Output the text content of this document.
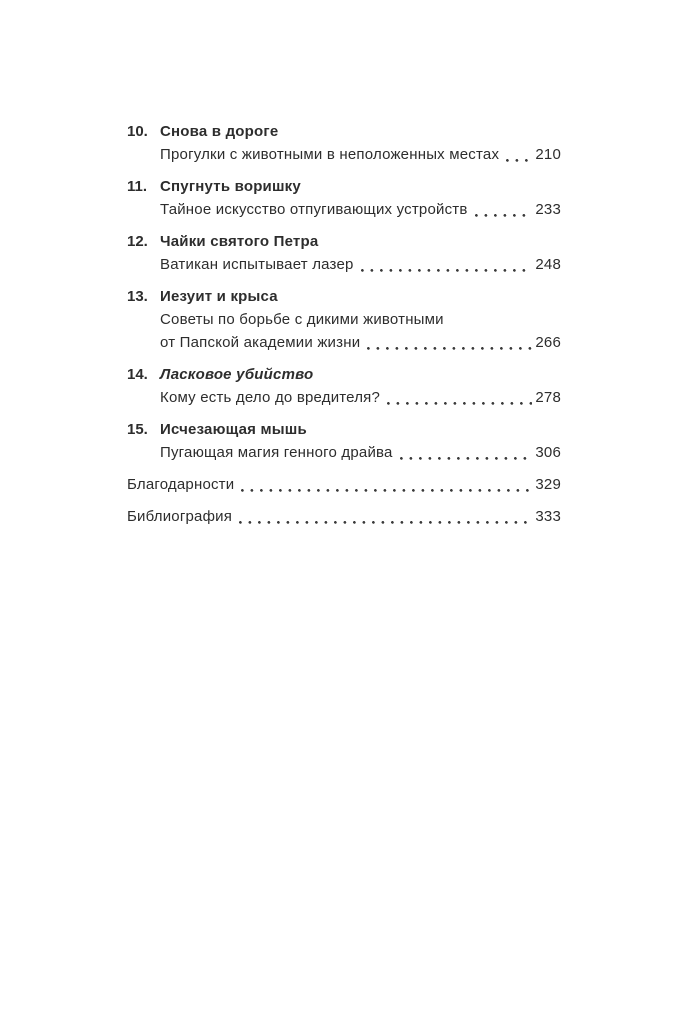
10. Снова в дороге
Прогулки с животными в неположенных местах 210
11. Спугнуть воришку
Тайное искусство отпугивающих устройств	233
12. Чайки святого Петра
Ватикан испытывает лазер	248
13. Иезуит и крыса
Советы по борьбе с дикими животными
от Папской академии жизни	266
14. Ласковое убийство
Кому есть дело до вредителя?	278
15. Исчезающая мышь
Пугающая магия генного драйва	306
Благодарности	329
Библиография	333
